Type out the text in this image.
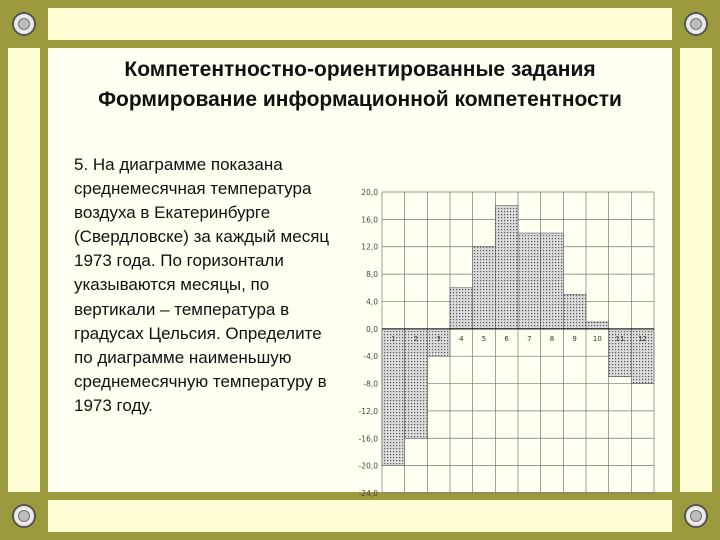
Компетентностно-ориентированные задания
Формирование информационной компетентности
5. На диаграмме показана среднемесячная температура воздуха в Екатеринбурге (Свердловске) за каждый месяц 1973 года. По горизонтали указываются месяцы, по вертикали – температура в градусах Цельсия. Определите по диаграмме наименьшую среднемесячную температуру в 1973 году.
20,0
16,0
12,0
8,0
4,0
0,0
-4,0
-8,0
-12,0
-16,0
-20,0
-24,0
1	2	3	4	5	6	7	8	9 10 11 12
